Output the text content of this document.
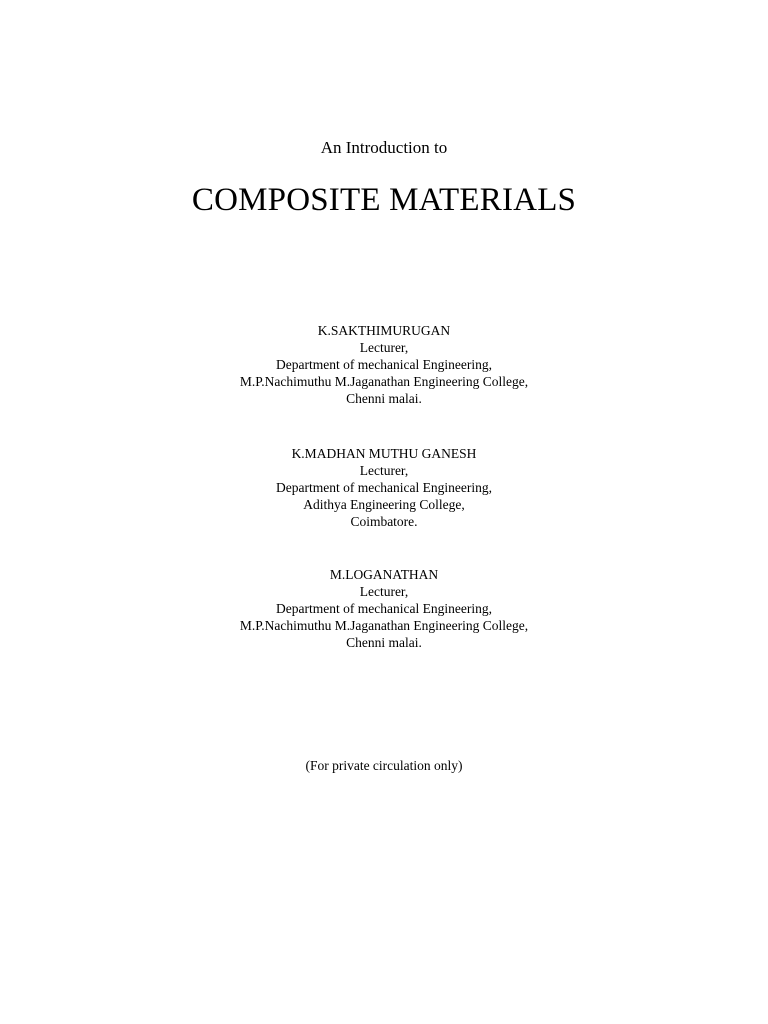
An Introduction to
COMPOSITE MATERIALS
K.SAKTHIMURUGAN
Lecturer,
Department of mechanical Engineering,
M.P.Nachimuthu M.Jaganathan Engineering College,
Chenni malai.
K.MADHAN MUTHU GANESH
Lecturer,
Department of mechanical Engineering,
Adithya Engineering College,
Coimbatore.
M.LOGANATHAN
Lecturer,
Department of mechanical Engineering,
M.P.Nachimuthu M.Jaganathan Engineering College,
Chenni malai.
(For private circulation only)
